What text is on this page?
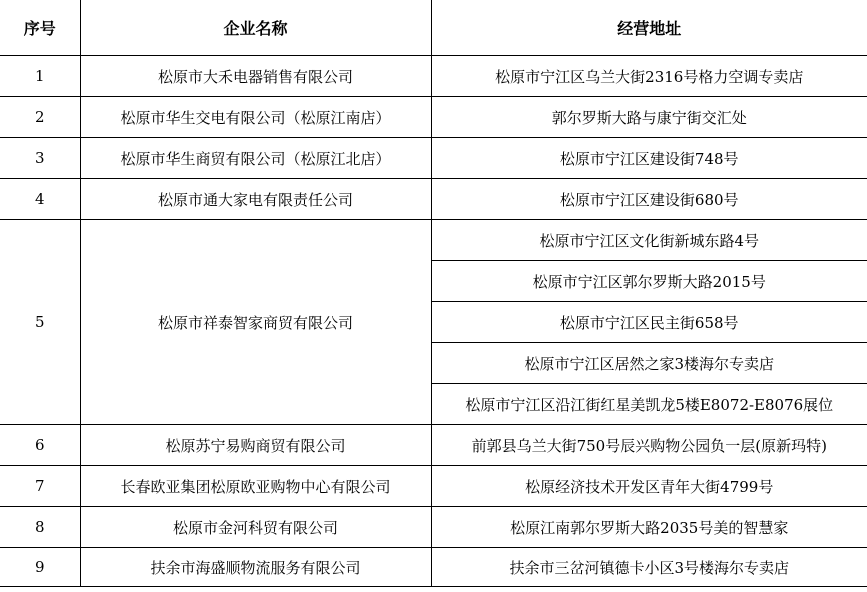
序号	企业名称	经营地址
1	松原市大禾电器销售有限公司	松原市宁江区乌兰大街2316号格力空调专卖店
2	松原市华生交电有限公司（松原江南店）	郭尔罗斯大路与康宁街交汇处
3	松原市华生商贸有限公司（松原江北店）	松原市宁江区建设街748号
4	松原市通大家电有限责任公司	松原市宁江区建设街680号
5	松原市祥泰智家商贸有限公司	松原市宁江区文化街新城东路4号
		松原市宁江区郭尔罗斯大路2015号
		松原市宁江区民主街658号
		松原市宁江区居然之家3楼海尔专卖店
		松原市宁江区沿江街红星美凯龙5楼E8072-E8076展位
6	松原苏宁易购商贸有限公司	前郭县乌兰大街750号辰兴购物公园负一层(原新玛特)
7	长春欧亚集团松原欧亚购物中心有限公司	松原经济技术开发区青年大街4799号
8	松原市金河科贸有限公司	松原江南郭尔罗斯大路2035号美的智慧家
9	扶余市海盛顺物流服务有限公司	扶余市三岔河镇德卡小区3号楼海尔专卖店
